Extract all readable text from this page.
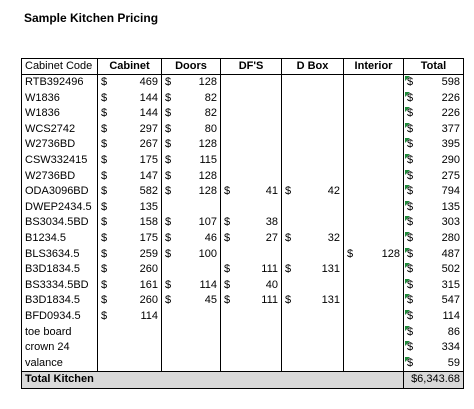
Sample Kitchen Pricing
Cabinet Code	Cabinet	Doors	DF'S	D Box	Interior	Total
RTB392496	$ 469	$ 128				$ 598

W1836	$ 144	$ 82				$ 226

W1836	$ 144	$ 82				$ 226

WCS2742	$ 297	$ 80				$ 377

W2736BD	$ 267	$ 128				$ 395

CSW332415	$ 175	$ 115				$ 290

W2736BD	$ 147	$ 128				$ 275

ODA3096BD	$ 582	$ 128	$ 41	$ 42		$ 794

DWEP2434.5	$ 135					$ 135

BS3034.5BD	$ 158	$ 107	$ 38			$ 303

B1234.5	$ 175	$ 46	$ 27	$ 32		$ 280

BLS3634.5	$ 259	$ 100			$ 128	$ 487

B3D1834.5	$ 260		$ 111	$ 131		$ 502

BS3334.5BD	$ 161	$ 114	$ 40			$ 315

B3D1834.5	$ 260	$ 45	$ 111	$ 131		$ 547

BFD0934.5	$ 114					$ 114

toe board						$ 86

crown 24						$ 334

valance						$ 59

Total Kitchen						$6,343.68
